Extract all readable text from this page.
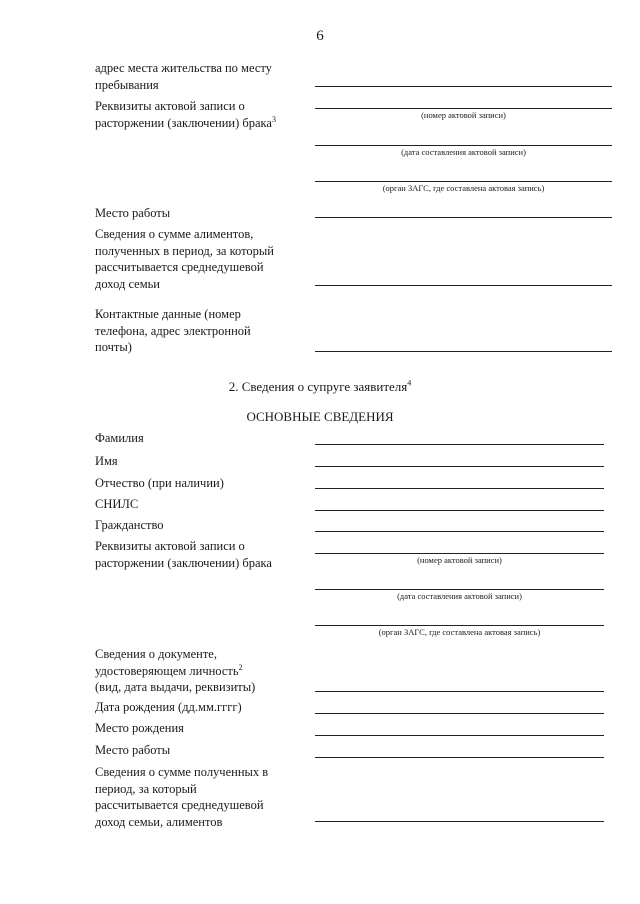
6
адрес места жительства по месту пребывания
Реквизиты актовой записи о расторжении (заключении) брака$^3$	(номер актовой записи)
(дата составления актовой записи)
(орган ЗАГС, где составлена актовая запись)
Место работы
Сведения о сумме алиментов, полученных в период, за который рассчитывается среднедушевой доход семьи
Контактные данные (номер телефона, адрес электронной почты)
2. Сведения о супруге заявителя$^4$
ОСНОВНЫЕ СВЕДЕНИЯ
Фамилия
Имя
Отчество (при наличии)
СНИЛС
Гражданство
Реквизиты актовой записи о расторжении (заключении) брака	(номер актовой записи)
(дата составления актовой записи)
(орган ЗАГС, где составлена актовая запись)
Сведения о документе, удостоверяющем личность$^2$
(вид, дата выдачи, реквизиты)
Дата рождения (дд.мм.гггг)
Место рождения
Место работы
Сведения о сумме полученных в период, за который рассчитывается среднедушевой доход семьи, алиментов
